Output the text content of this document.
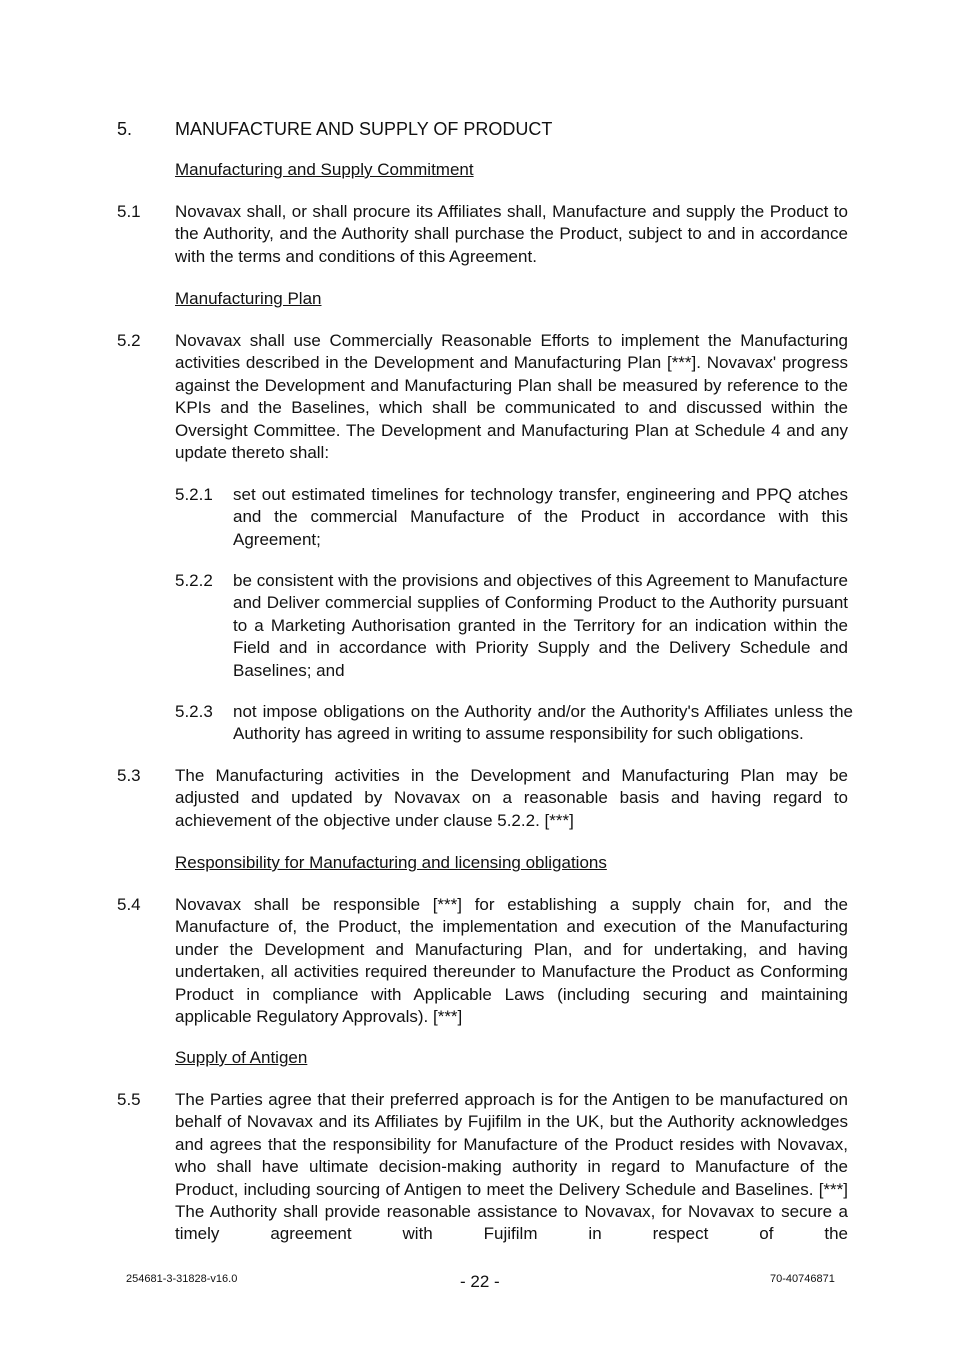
5. MANUFACTURE AND SUPPLY OF PRODUCT
Manufacturing and Supply Commitment
5.1 Novavax shall, or shall procure its Affiliates shall, Manufacture and supply the Product to the Authority, and the Authority shall purchase the Product, subject to and in accordance with the terms and conditions of this Agreement.

Manufacturing Plan
5.2 Novavax shall use Commercially Reasonable Efforts to implement the Manufacturing activities described in the Development and Manufacturing Plan [***]. Novavax' progress against the Development and Manufacturing Plan shall be measured by reference to the KPIs and the Baselines, which shall be communicated to and discussed within the Oversight Committee. The Development and Manufacturing Plan at Schedule 4 and any update thereto shall:

5.2.1 set out estimated timelines for technology transfer, engineering and PPQ atches and the commercial Manufacture of the Product in accordance with this Agreement;

5.2.2 be consistent with the provisions and objectives of this Agreement to Manufacture and Deliver commercial supplies of Conforming Product to the Authority pursuant to a Marketing Authorisation granted in the Territory for an indication within the Field and in accordance with Priority Supply and the Delivery Schedule and Baselines; and

5.2.3 not impose obligations on the Authority and/or the Authority's Affiliates unless the Authority has agreed in writing to assume responsibility for such obligations.

5.3 The Manufacturing activities in the Development and Manufacturing Plan may be adjusted and updated by Novavax on a reasonable basis and having regard to achievement of the objective under clause 5.2.2. [***]

Responsibility for Manufacturing and licensing obligations
5.4 Novavax shall be responsible [***] for establishing a supply chain for, and the Manufacture of, the Product, the implementation and execution of the Manufacturing under the Development and Manufacturing Plan, and for undertaking, and having undertaken, all activities required thereunder to Manufacture the Product as Conforming Product in compliance with Applicable Laws (including securing and maintaining applicable Regulatory Approvals). [***]

Supply of Antigen
5.5 The Parties agree that their preferred approach is for the Antigen to be manufactured on behalf of Novavax and its Affiliates by Fujifilm in the UK, but the Authority acknowledges and agrees that the responsibility for Manufacture of the Product resides with Novavax, who shall have ultimate decision-making authority in regard to Manufacture of the Product, including sourcing of Antigen to meet the Delivery Schedule and Baselines. [***] The Authority shall provide reasonable assistance to Novavax, for Novavax to secure a timely agreement with Fujifilm in respect of the

254681-3-31828-v16.0	- 22 -	70-40746871
